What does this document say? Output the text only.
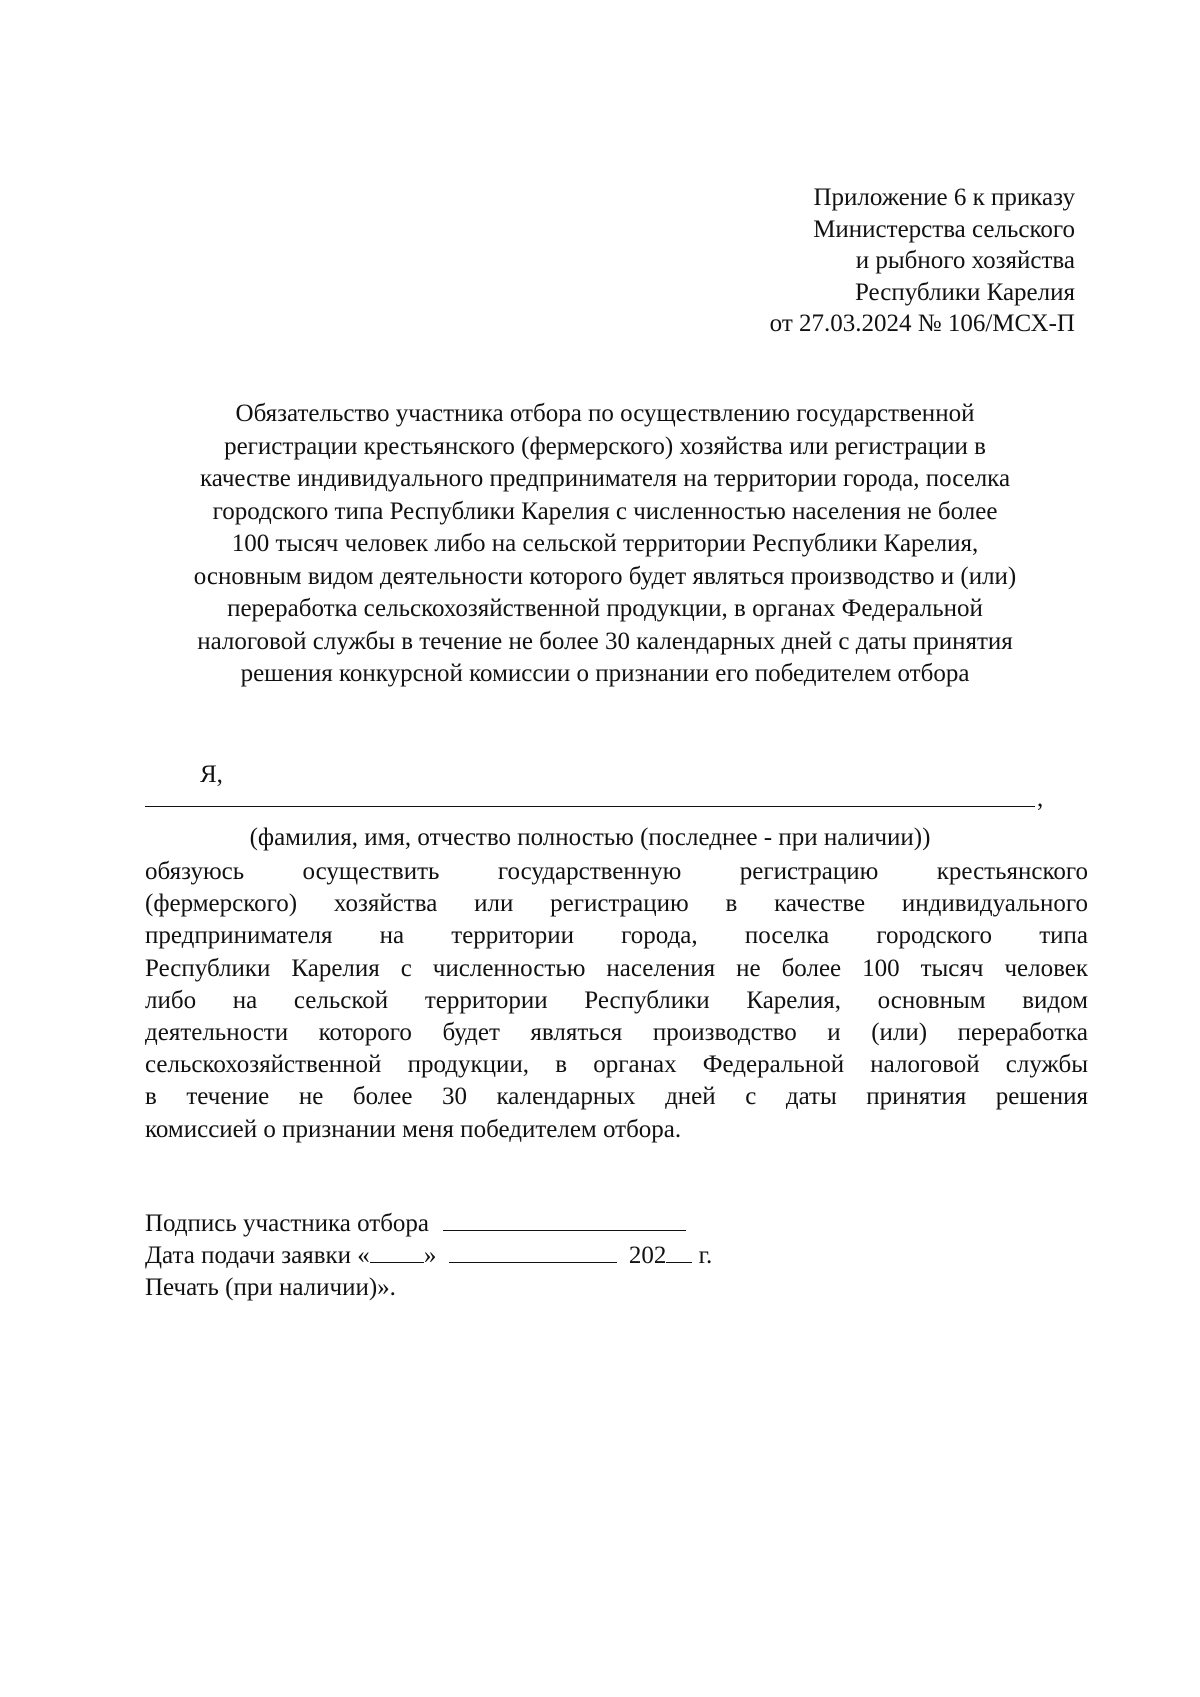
Приложение 6 к приказу
Министерства сельского
и рыбного хозяйства
Республики Карелия
от 27.03.2024 № 106/МСХ-П
Обязательство участника отбора по осуществлению государственной
регистрации крестьянского (фермерского) хозяйства или регистрации в
качестве индивидуального предпринимателя на территории города, поселка
городского типа Республики Карелия с численностью населения не более
100 тысяч человек либо на сельской территории Республики Карелия,
основным видом деятельности которого будет являться производство и (или)
переработка сельскохозяйственной продукции, в органах Федеральной
налоговой службы в течение не более 30 календарных дней с даты принятия
решения конкурсной комиссии о признании его победителем отбора
Я,
,
(фамилия, имя, отчество полностью (последнее - при наличии))
обязуюсь осуществить государственную регистрацию крестьянского
(фермерского) хозяйства или регистрацию в качестве индивидуального
предпринимателя на территории города, поселка городского типа
Республики Карелия с численностью населения не более 100 тысяч человек
либо на сельской территории Республики Карелия, основным видом
деятельности которого будет являться производство и (или) переработка
сельскохозяйственной продукции, в органах Федеральной налоговой службы
в течение не более 30 календарных дней с даты принятия решения
комиссией о признании меня победителем отбора.
Подпись участника отбора
Дата подачи заявки « »	202 г.
Печать (при наличии)».
